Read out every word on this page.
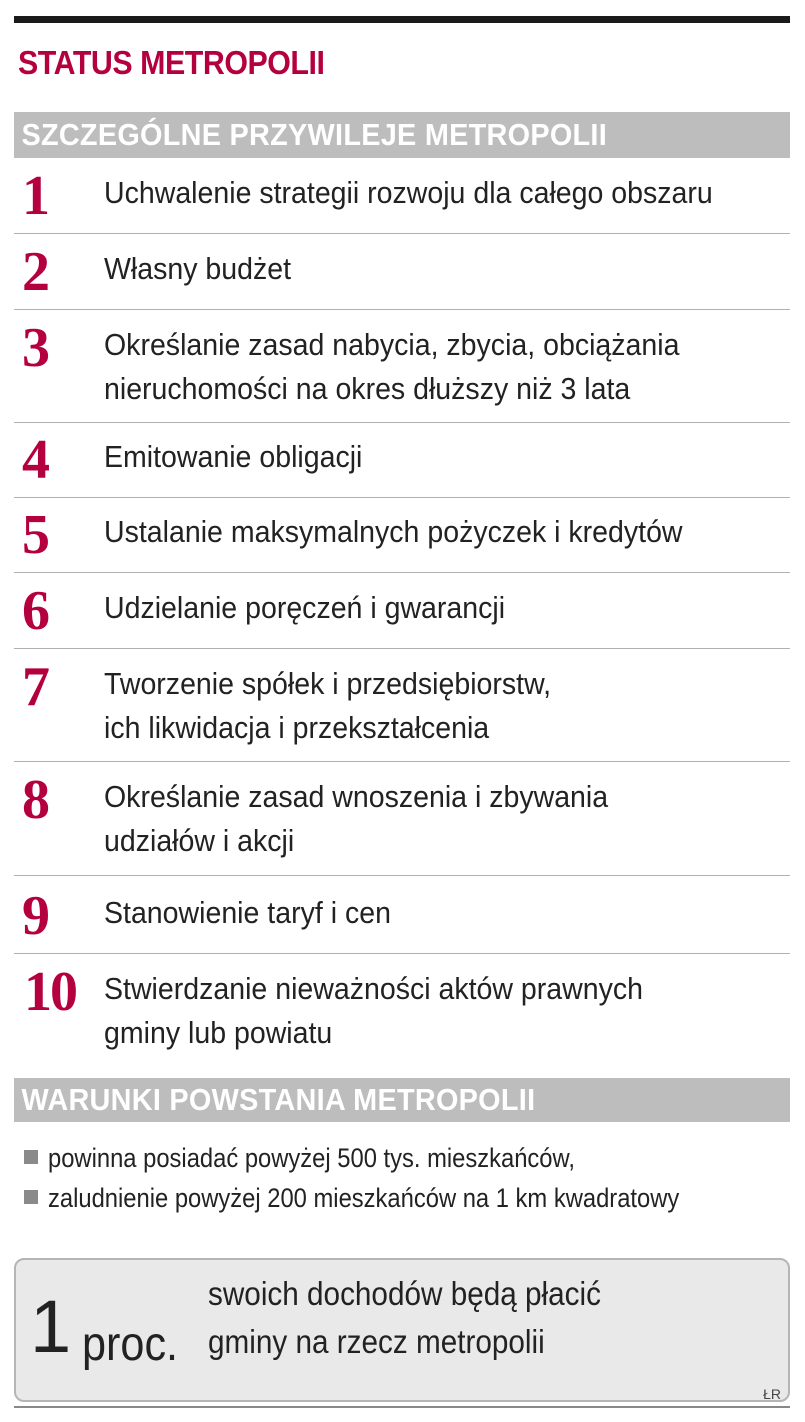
STATUS METROPOLII
SZCZEGÓLNE PRZYWILEJE METROPOLII
1 Uchwalenie strategii rozwoju dla całego obszaru
2 Własny budżet
3 Określanie zasad nabycia, zbycia, obciążania
nieruchomości na okres dłuższy niż 3 lata
4 Emitowanie obligacji
5 Ustalanie maksymalnych pożyczek i kredytów
6 Udzielanie poręczeń i gwarancji
7 Tworzenie spółek i przedsiębiorstw,
ich likwidacja i przekształcenia
8 Określanie zasad wnoszenia i zbywania
udziałów i akcji
9 Stanowienie taryf i cen
10 Stwierdzanie nieważności aktów prawnych
gminy lub powiatu
WARUNKI POWSTANIA METROPOLII
powinna posiadać powyżej 500 tys. mieszkańców,
zaludnienie powyżej 200 mieszkańców na 1 km kwadratowy
1 proc.
swoich dochodów będą płacić
gminy na rzecz metropolii
ŁR
